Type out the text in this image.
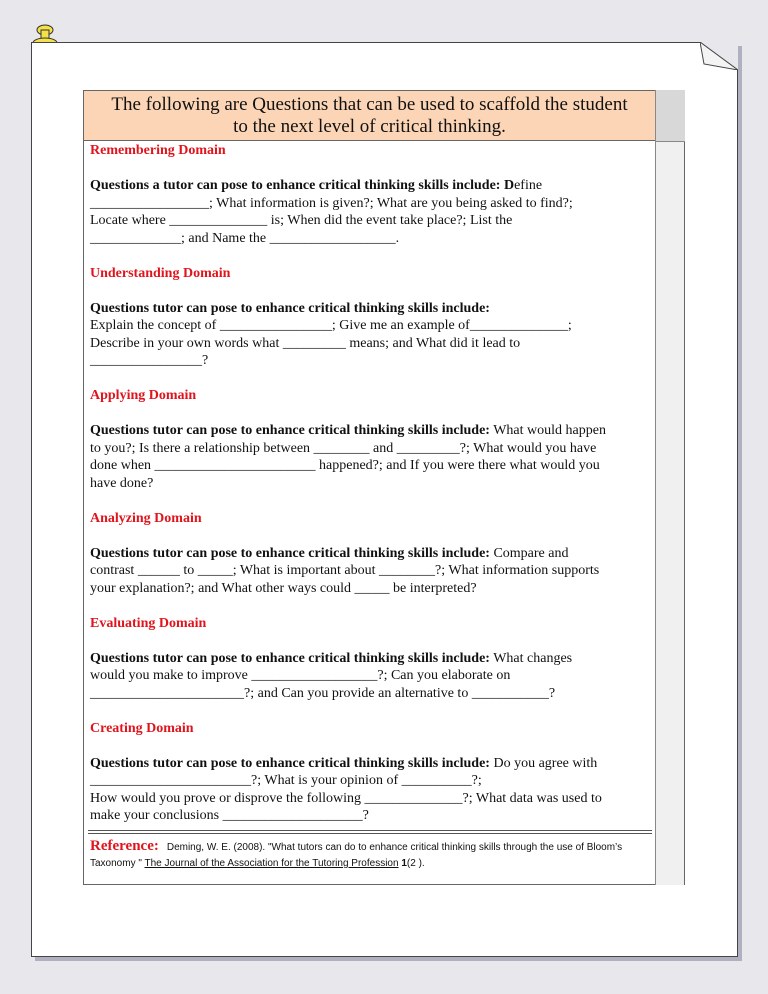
The following are Questions that can be used to scaffold the student
to the next level of critical thinking.

Remembering Domain

Questions a tutor can pose to enhance critical thinking skills include: Define
_________________; What information is given?; What are you being asked to find?;
Locate where ______________ is; When did the event take place?; List the
_____________; and Name the __________________.

Understanding Domain

Questions tutor can pose to enhance critical thinking skills include:
Explain the concept of ________________; Give me an example of______________;
Describe in your own words what _________ means; and What did it lead to
________________?

Applying Domain

Questions tutor can pose to enhance critical thinking skills include: What would happen
to you?; Is there a relationship between ________ and _________?; What would you have
done when _______________________ happened?; and If you were there what would you
have done?

Analyzing Domain

Questions tutor can pose to enhance critical thinking skills include: Compare and
contrast ______ to _____; What is important about ________?; What information supports
your explanation?; and What other ways could _____ be interpreted?

Evaluating Domain

Questions tutor can pose to enhance critical thinking skills include: What changes
would you make to improve __________________?; Can you elaborate on
______________________?; and Can you provide an alternative to ___________?

Creating Domain

Questions tutor can pose to enhance critical thinking skills include: Do you agree with
_______________________?; What is your opinion of __________?;
How would you prove or disprove the following ______________?; What data was used to
make your conclusions ____________________?

Reference: Deming, W. E. (2008). "What tutors can do to enhance critical thinking skills through the use of Bloom’s
Taxonomy " The Journal of the Association for the Tutoring Profession 1(2 ).
